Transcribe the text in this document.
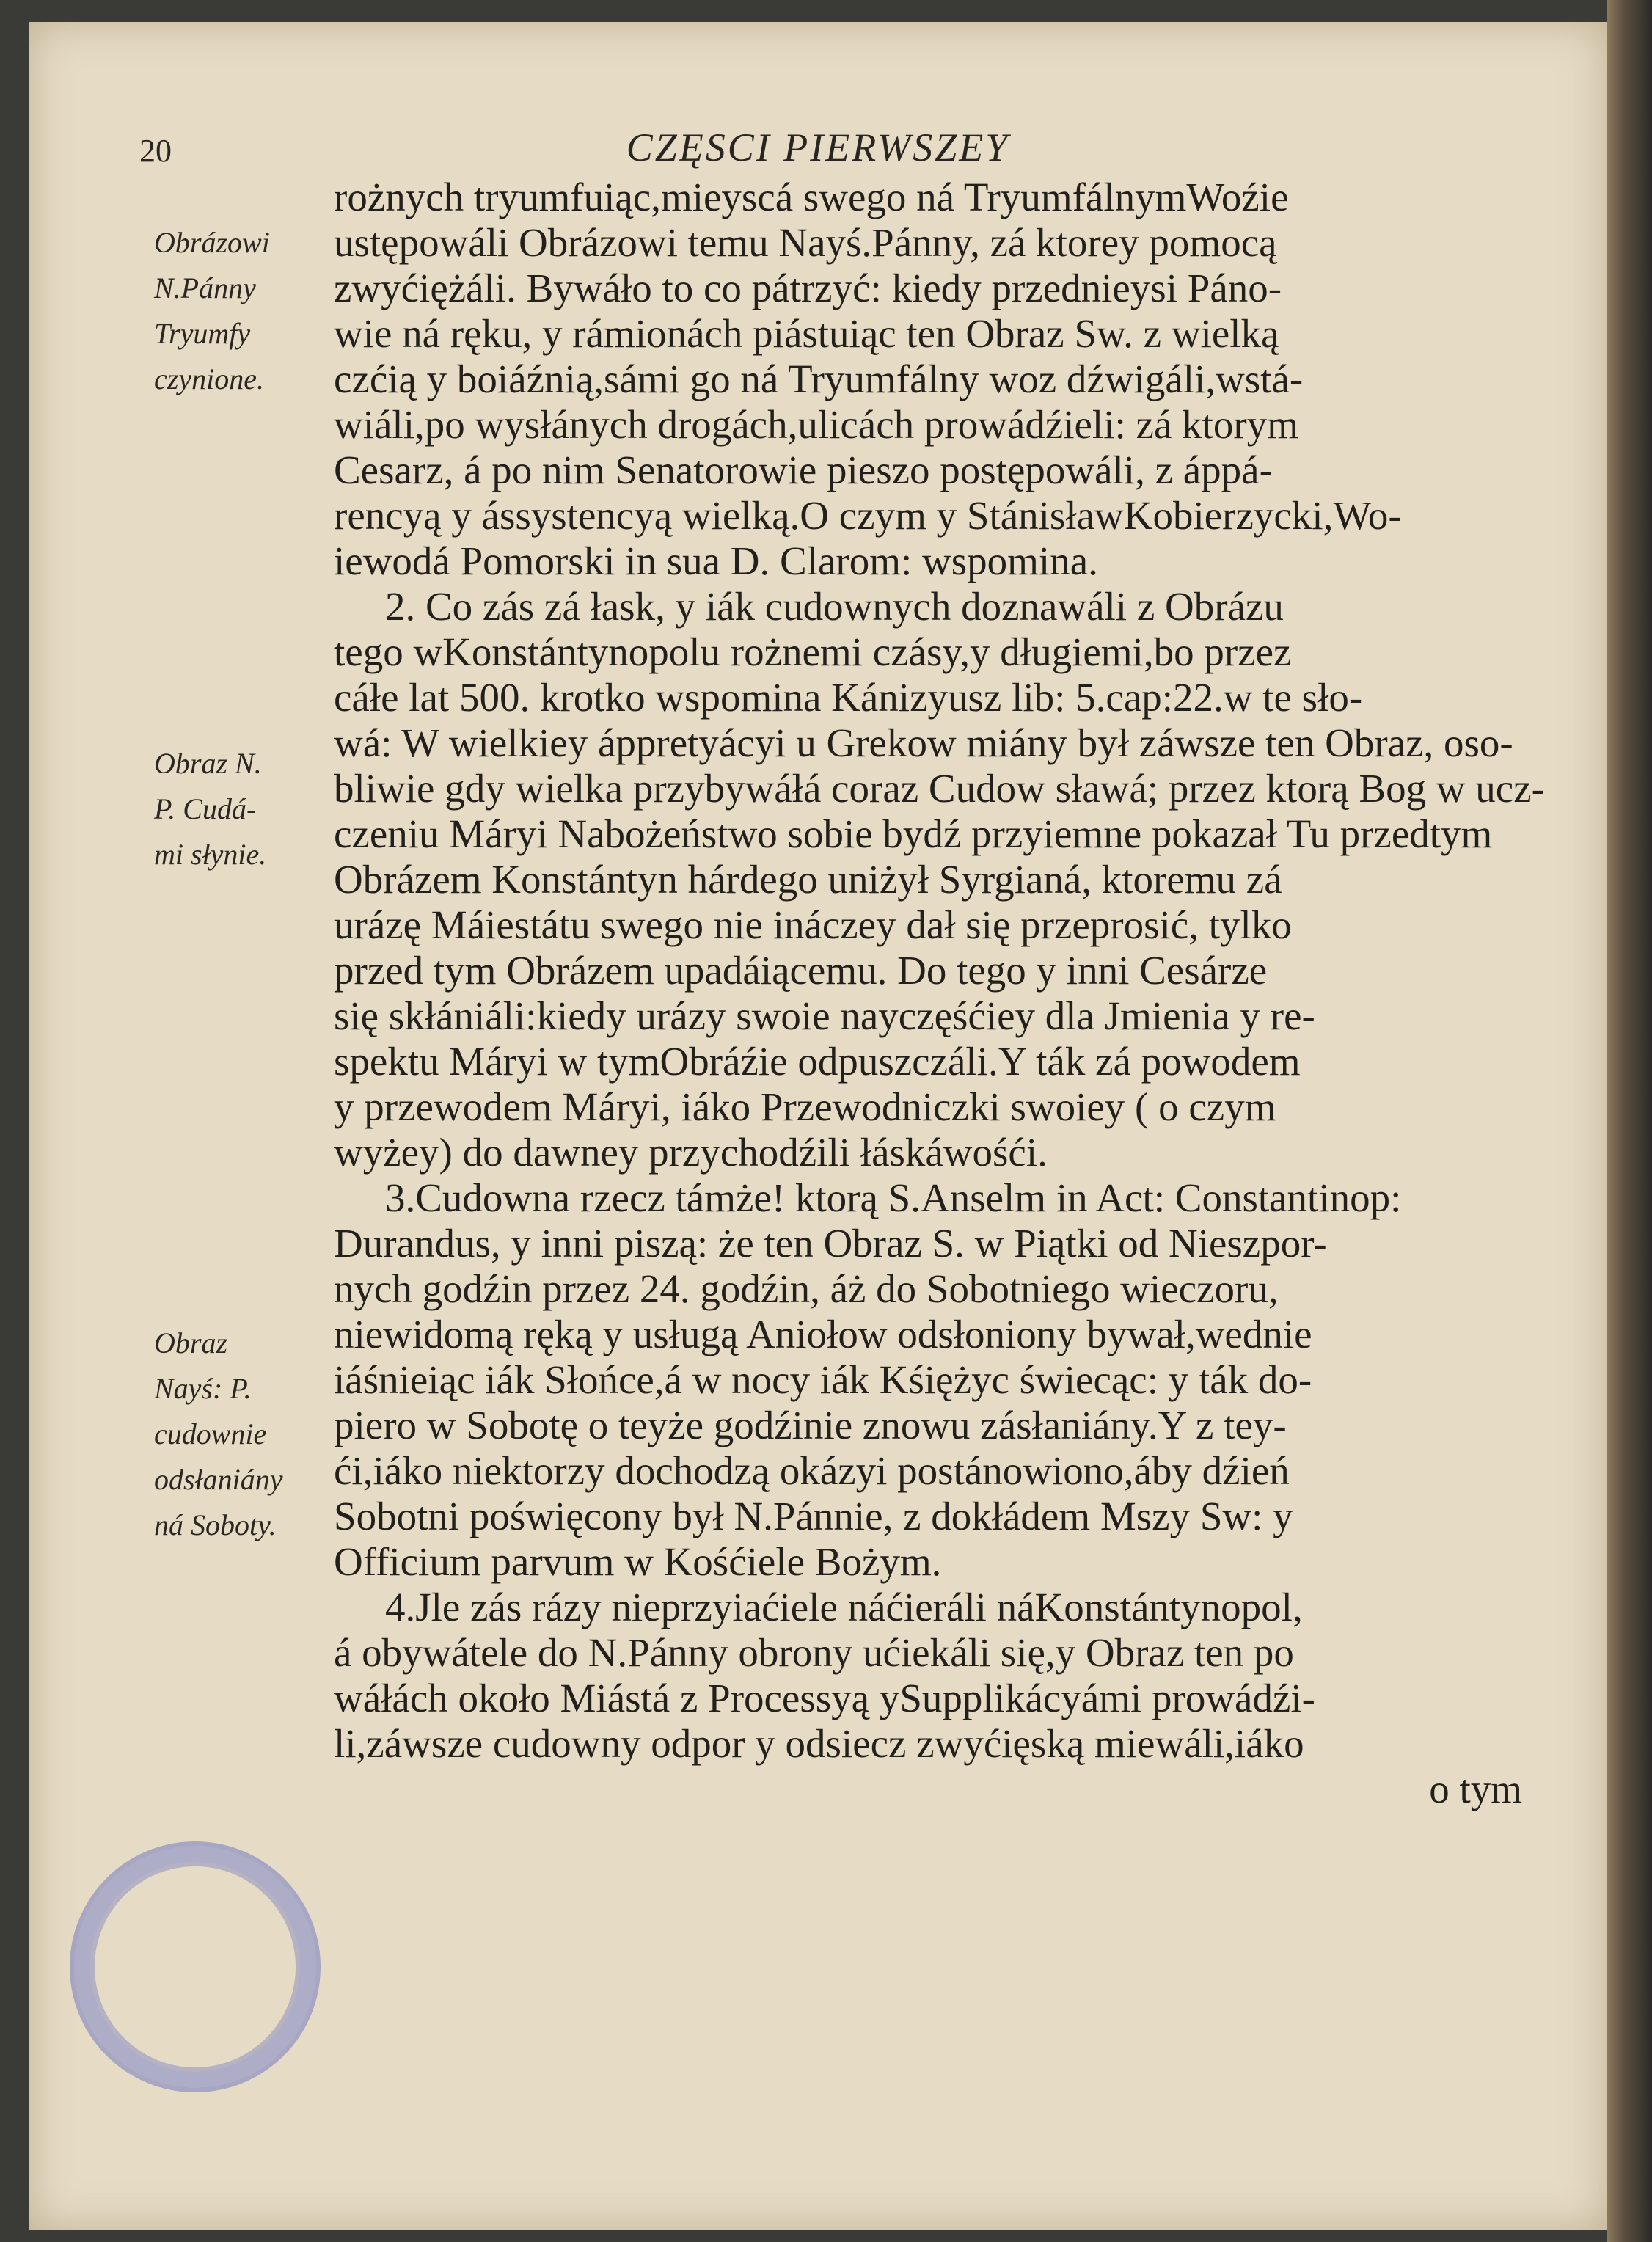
20	CZĘSCI PIERWSZEY
Obrázowi
N.Pánny
Tryumfy
czynione.
Obraz N.
P. Cudá-
mi słynie.
Obraz
Nayś: P.
cudownie
odsłaniány
ná Soboty.
rożnych tryumfuiąc,mieyscá swego ná TryumfálnymWoźie
ustępowáli Obrázowi temu Nayś.Pánny, zá ktorey pomocą
zwyćiężáli. Bywáło to co pátrzyć: kiedy przednieysi Páno-
wie ná ręku, y rámionách piástuiąc ten Obraz Sw. z wielką
czćią y boiáźnią,sámi go ná Tryumfálny woz dźwigáli,wstá-
wiáli,po wysłánych drogách,ulicách prowádźieli: zá ktorym
Cesarz, á po nim Senatorowie pieszo postępowáli, z áppá-
rencyą y ássystencyą wielką.O czym y StánisławKobierzycki,Wo-
iewodá Pomorski in sua D. Clarom: wspomina.
2. Co zás zá łask, y iák cudownych doznawáli z Obrázu
tego wKonstántynopolu rożnemi czásy,y długiemi,bo przez
cáłe lat 500. krotko wspomina Kánizyusz lib: 5.cap:22.w te sło-
wá: W wielkiey áppretyácyi u Grekow miány był záwsze ten Obraz, oso-
bliwie gdy wielka przybywáłá coraz Cudow sławá; przez ktorą Bog w ucz-
czeniu Máryi Nabożeństwo sobie bydź przyiemne pokazał Tu przedtym
Obrázem Konstántyn hárdego uniżył Syrgianá, ktoremu zá
urázę Máiestátu swego nie ináczey dał się przeprosić, tylko
przed tym Obrázem upadáiącemu. Do tego y inni Cesárze
się skłániáli:kiedy urázy swoie nayczęśćiey dla Jmienia y re-
spektu Máryi w tymObráźie odpuszczáli.Y ták zá powodem
y przewodem Máryi, iáko Przewodniczki swoiey ( o czym
wyżey) do dawney przychodźili łáskáwośći.
3.Cudowna rzecz támże! ktorą S.Anselm in Act: Constantinop:
Durandus, y inni piszą: że ten Obraz S. w Piątki od Nieszpor-
nych godźin przez 24. godźin, áż do Sobotniego wieczoru,
niewidomą ręką y usługą Aniołow odsłoniony bywał,wednie
iáśnieiąc iák Słońce,á w nocy iák Kśiężyc świecąc: y ták do-
piero w Sobotę o teyże godźinie znowu zásłaniány.Y z tey-
ći,iáko niektorzy dochodzą okázyi postánowiono,áby dźień
Sobotni poświęcony był N.Pánnie, z dokłádem Mszy Sw: y
Officium parvum w Kośćiele Bożym.
4.Jle zás rázy nieprzyiaćiele náćieráli náKonstántynopol,
á obywátele do N.Pánny obrony ućiekáli się,y Obraz ten po
wáłách około Miástá z Processyą ySupplikácyámi prowádźi-
li,záwsze cudowny odpor y odsiecz zwyćięską miewáli,iáko
o tym
